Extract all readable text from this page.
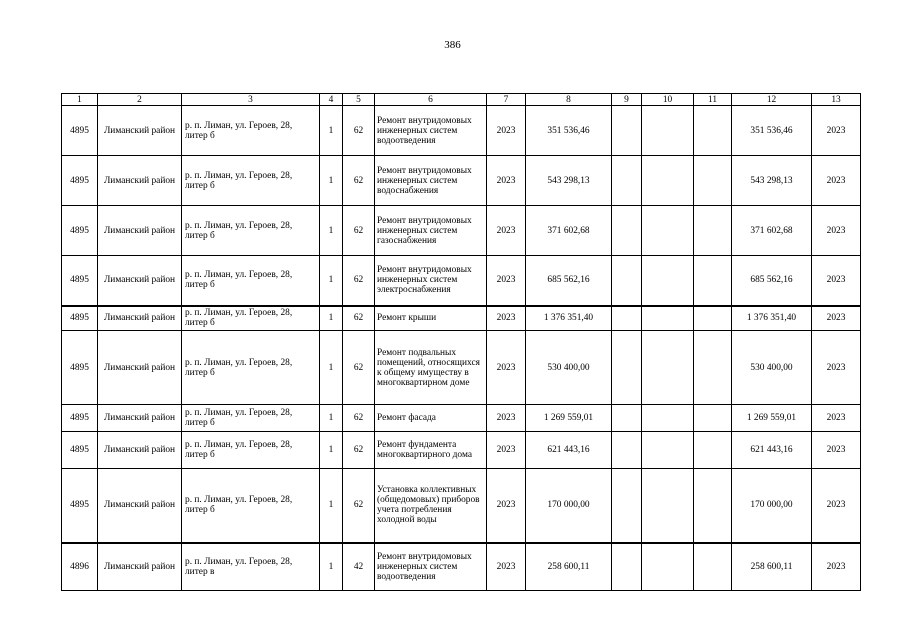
386
1	2	3	4	5	6	7	8	9	10	11	12	13
4895	Лиманский район	р. п. Лиман, ул. Героев, 28, литер б	1	62	Ремонт внутридомовых инженерных систем водоотведения	2023	351 536,46				351 536,46	2023
4895	Лиманский район	р. п. Лиман, ул. Героев, 28, литер б	1	62	Ремонт внутридомовых инженерных систем водоснабжения	2023	543 298,13				543 298,13	2023
4895	Лиманский район	р. п. Лиман, ул. Героев, 28, литер б	1	62	Ремонт внутридомовых инженерных систем газоснабжения	2023	371 602,68				371 602,68	2023
4895	Лиманский район	р. п. Лиман, ул. Героев, 28, литер б	1	62	Ремонт внутридомовых инженерных систем электроснабжения	2023	685 562,16				685 562,16	2023
4895	Лиманский район	р. п. Лиман, ул. Героев, 28, литер б	1	62	Ремонт крыши	2023	1 376 351,40				1 376 351,40	2023
4895	Лиманский район	р. п. Лиман, ул. Героев, 28, литер б	1	62	Ремонт подвальных помещений, относящихся к общему имуществу в многоквартирном доме	2023	530 400,00				530 400,00	2023
4895	Лиманский район	р. п. Лиман, ул. Героев, 28, литер б	1	62	Ремонт фасада	2023	1 269 559,01				1 269 559,01	2023
4895	Лиманский район	р. п. Лиман, ул. Героев, 28, литер б	1	62	Ремонт фундамента многоквартирного дома	2023	621 443,16				621 443,16	2023
4895	Лиманский район	р. п. Лиман, ул. Героев, 28, литер б	1	62	Установка коллективных (общедомовых) приборов учета потребления холодной воды	2023	170 000,00				170 000,00	2023
4896	Лиманский район	р. п. Лиман, ул. Героев, 28, литер в	1	42	Ремонт внутридомовых инженерных систем водоотведения	2023	258 600,11				258 600,11	2023
